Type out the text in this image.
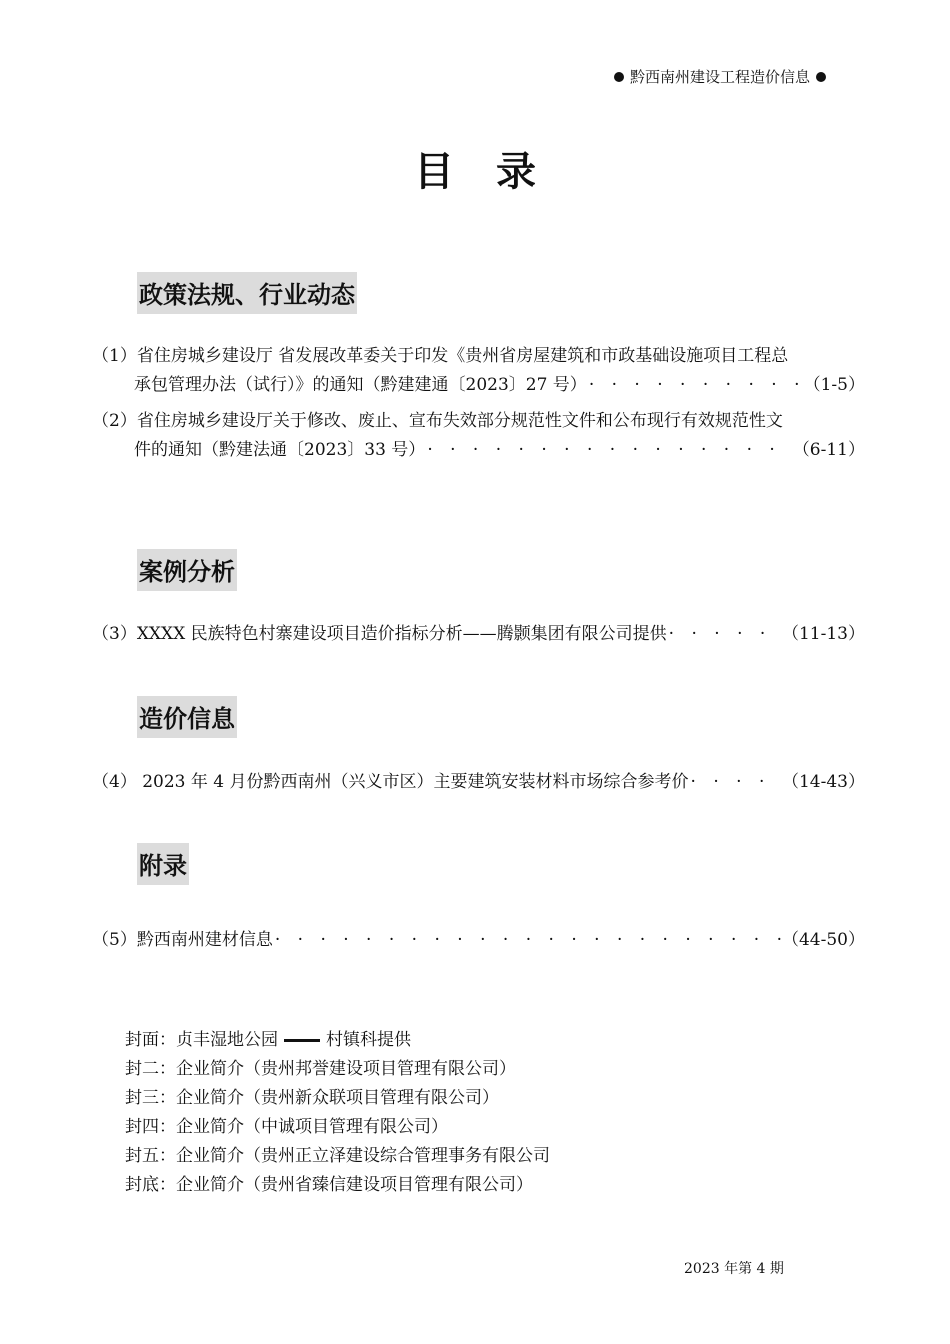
黔西南州建设工程造价信息
目录
政策法规、行业动态
（1）省住房城乡建设厅 省发展改革委关于印发《贵州省房屋建筑和市政基础设施项目工程总
承包管理办法（试行）》的通知（黔建建通〔2023〕27 号） · · ·	（1-5）
（2）省住房城乡建设厅关于修改、废止、宣布失效部分规范性文件和公布现行有效规范性文
件的通知（黔建法通〔2023〕33 号） · · ·	（6-11）
案例分析
（3）XXXX 民族特色村寨建设项目造价指标分析——腾颢集团有限公司提供 · · ·	（11-13）
造价信息
（4） 2023 年 4 月份黔西南州（兴义市区）主要建筑安装材料市场综合参考价 · · ·	（14-43）
附录
（5）黔西南州建材信息 · · ·	（44-50）
封面：贞丰湿地公园	村镇科提供
封二：企业简介（贵州邦誉建设项目管理有限公司）
封三：企业简介（贵州新众联项目管理有限公司）
封四：企业简介（中诚项目管理有限公司）
封五：企业简介（贵州正立泽建设综合管理事务有限公司
封底：企业简介（贵州省臻信建设项目管理有限公司）
2023 年第 4 期
